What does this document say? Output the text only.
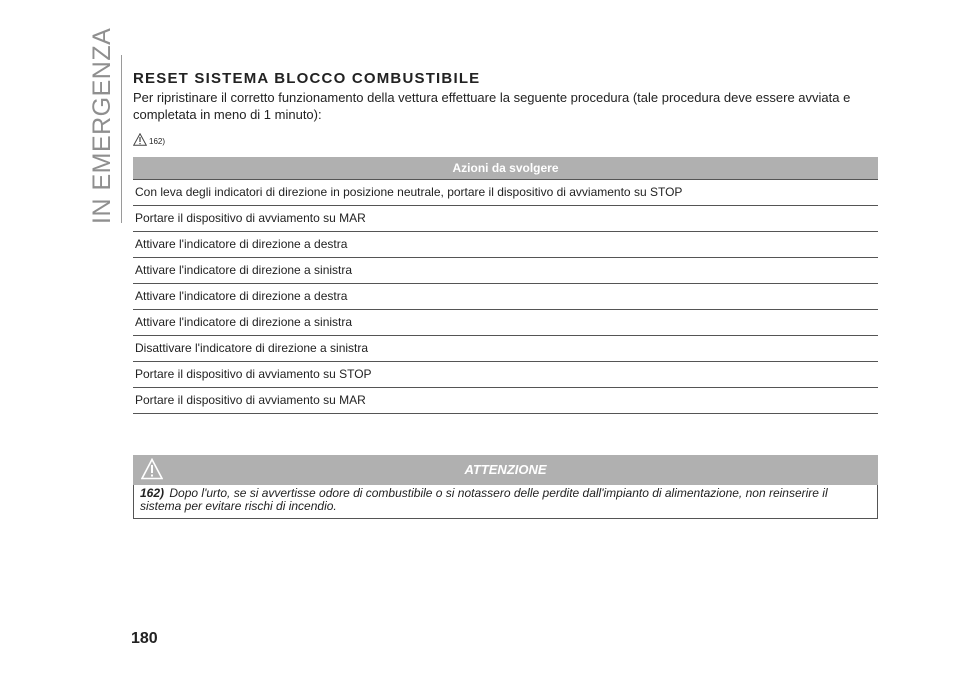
IN EMERGENZA RESET SISTEMA BLOCCO COMBUSTIBILE

Per ripristinare il corretto funzionamento della vettura effettuare la seguente procedura (tale procedura deve essere avviata e completata in meno di 1 minuto):

162)
Azioni da svolgere
Con leva degli indicatori di direzione in posizione neutrale, portare il dispositivo di avviamento su STOP
Portare il dispositivo di avviamento su MAR
Attivare l'indicatore di direzione a destra
Attivare l'indicatore di direzione a sinistra
Attivare l'indicatore di direzione a destra
Attivare l'indicatore di direzione a sinistra
Disattivare l'indicatore di direzione a sinistra
Portare il dispositivo di avviamento su STOP
Portare il dispositivo di avviamento su MAR
ATTENZIONE
162) Dopo l'urto, se si avvertisse odore di combustibile o si notassero delle perdite dall'impianto di alimentazione, non reinserire il sistema per evitare rischi di incendio.
180
